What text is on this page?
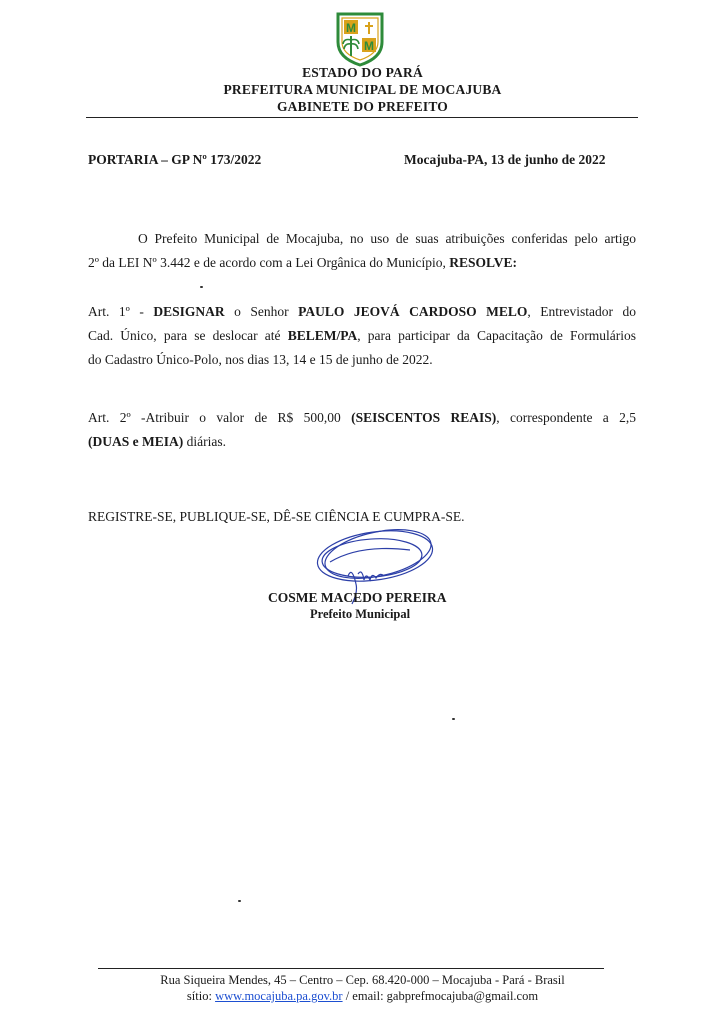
M
M
ESTADO DO PARÁ
PREFEITURA MUNICIPAL DE MOCAJUBA
GABINETE DO PREFEITO
PORTARIA – GP Nº 173/2022	Mocajuba-PA, 13 de junho de 2022
O Prefeito Municipal de Mocajuba, no uso de suas atribuições conferidas pelo artigo
2º da LEI Nº 3.442 e de acordo com a Lei Orgânica do Município, RESOLVE:
Art. 1º - DESIGNAR o Senhor PAULO JEOVÁ CARDOSO MELO, Entrevistador do
Cad. Único, para se deslocar até BELEM/PA, para participar da Capacitação de Formulários
do Cadastro Único-Polo, nos dias 13, 14 e 15 de junho de 2022.
Art. 2º -Atribuir o valor de R$ 500,00 (SEISCENTOS REAIS), correspondente a 2,5
(DUAS e MEIA) diárias.
REGISTRE-SE, PUBLIQUE-SE, DÊ-SE CIÊNCIA E CUMPRA-SE.
COSME MACEDO PEREIRA
Prefeito Municipal
Rua Siqueira Mendes, 45 – Centro – Cep. 68.420-000 – Mocajuba - Pará - Brasil
sítio: www.mocajuba.pa.gov.br / email: gabprefmocajuba@gmail.com
